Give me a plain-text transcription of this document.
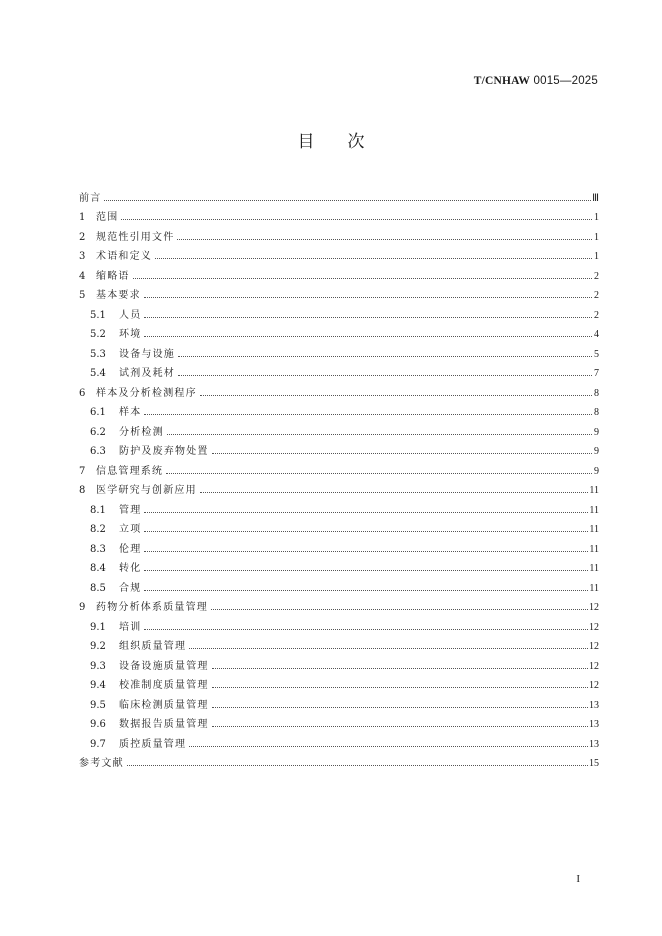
T/CNHAW 0015—2025
目次
前言	Ⅲ
1	范围	1
2	规范性引用文件	1
3	术语和定义	1
4	缩略语	2
5	基本要求	2
5.1	人员	2
5.2	环境	4
5.3	设备与设施	5
5.4	试剂及耗材	7
6	样本及分析检测程序	8
6.1	样本	8
6.2	分析检测	9
6.3	防护及废弃物处置	9
7	信息管理系统	9
8	医学研究与创新应用	11
8.1	管理	11
8.2	立项	11
8.3	伦理	11
8.4	转化	11
8.5	合规	11
9	药物分析体系质量管理	12
9.1	培训	12
9.2	组织质量管理	12
9.3	设备设施质量管理	12
9.4	校准制度质量管理	12
9.5	临床检测质量管理	13
9.6	数据报告质量管理	13
9.7	质控质量管理	13
参考文献	15
I
